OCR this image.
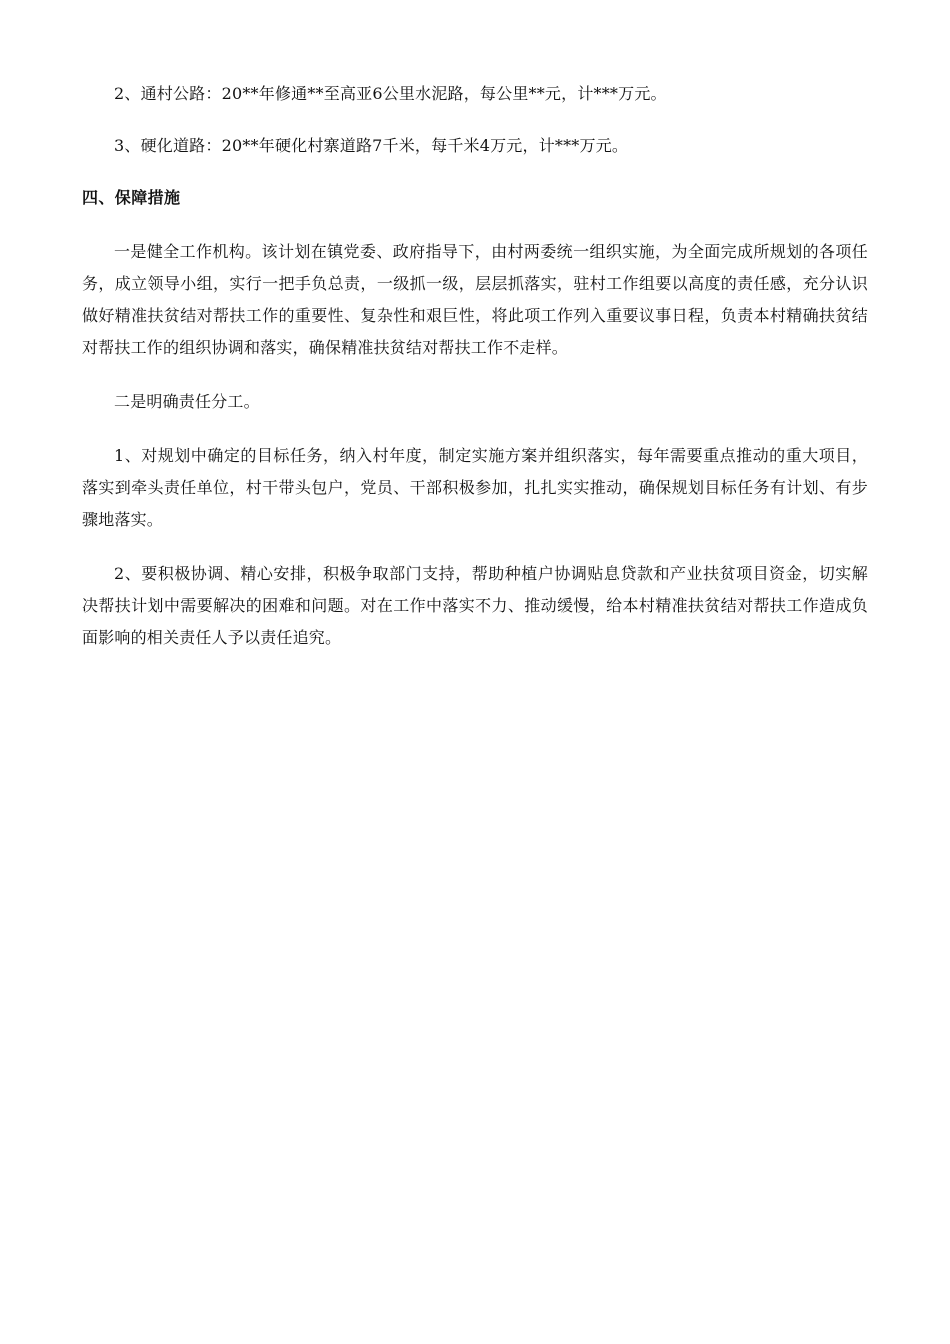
2、通村公路：20**年修通**至高亚6公里水泥路，每公里**元，计***万元。

3、硬化道路：20**年硬化村寨道路7千米，每千米4万元，计***万元。

四、保障措施

一是健全工作机构。该计划在镇党委、政府指导下，由村两委统一组织实施，为全面完成所规划的各项任务，成立领导小组，实行一把手负总责，一级抓一级，层层抓落实，驻村工作组要以高度的责任感，充分认识做好精准扶贫结对帮扶工作的重要性、复杂性和艰巨性，将此项工作列入重要议事日程，负责本村精确扶贫结对帮扶工作的组织协调和落实，确保精准扶贫结对帮扶工作不走样。

二是明确责任分工。

1、对规划中确定的目标任务，纳入村年度，制定实施方案并组织落实，每年需要重点推动的重大项目，落实到牵头责任单位，村干带头包户，党员、干部积极参加，扎扎实实推动，确保规划目标任务有计划、有步骤地落实。

2、要积极协调、精心安排，积极争取部门支持，帮助种植户协调贴息贷款和产业扶贫项目资金，切实解决帮扶计划中需要解决的困难和问题。对在工作中落实不力、推动缓慢，给本村精准扶贫结对帮扶工作造成负面影响的相关责任人予以责任追究。
